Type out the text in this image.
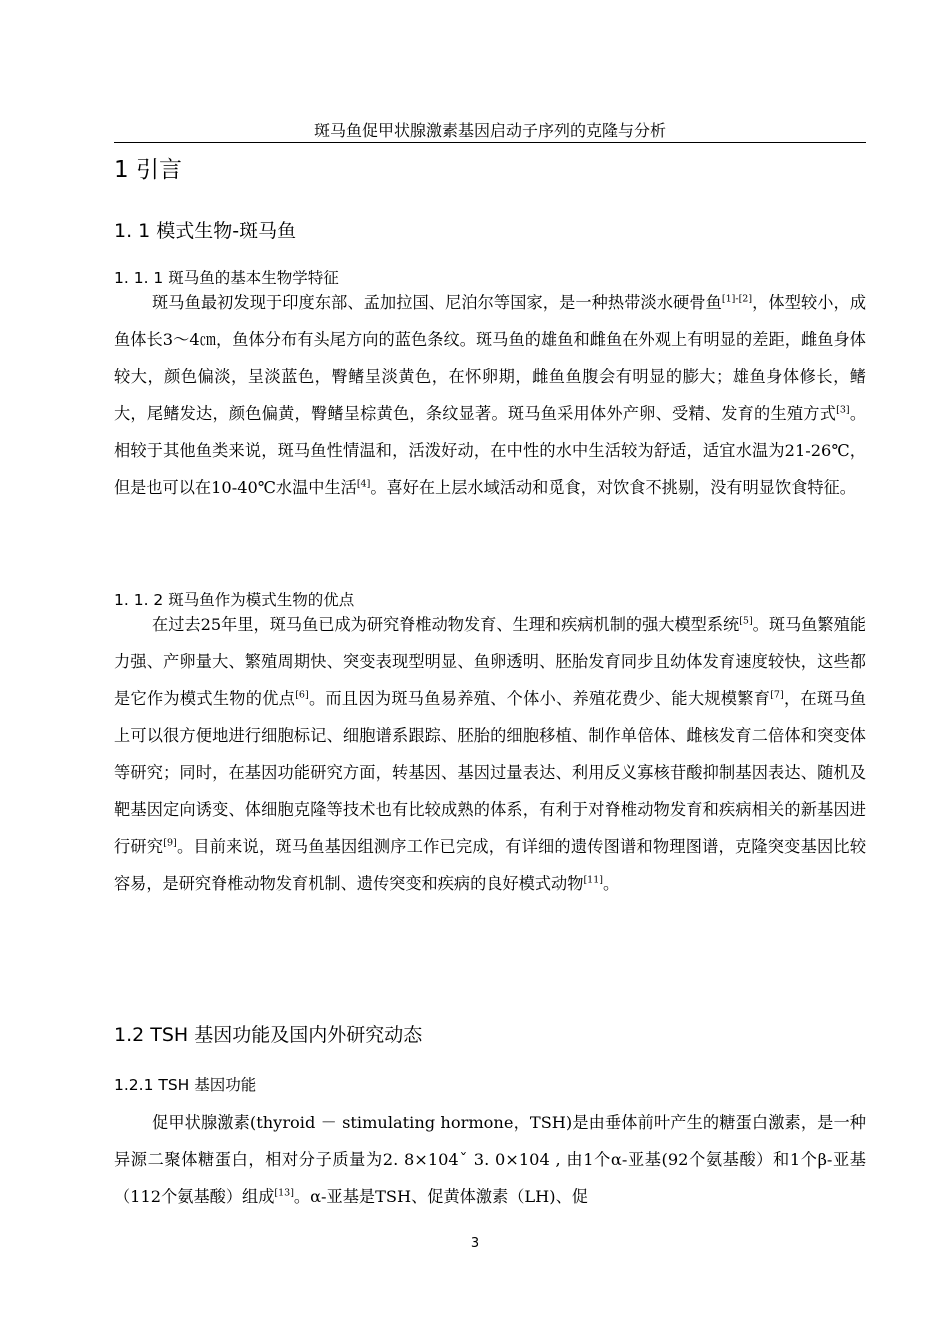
斑马鱼促甲状腺激素基因启动子序列的克隆与分析
1 引言
1. 1 模式生物-斑马鱼
1. 1. 1 斑马鱼的基本生物学特征

斑马鱼最初发现于印度东部、孟加拉国、尼泊尔等国家，是一种热带淡水硬骨鱼[1]-[2]，体型较小，成鱼体长3～4㎝，鱼体分布有头尾方向的蓝色条纹。斑马鱼的雄鱼和雌鱼在外观上有明显的差距，雌鱼身体较大，颜色偏淡，呈淡蓝色，臀鳍呈淡黄色，在怀卵期，雌鱼鱼腹会有明显的膨大；雄鱼身体修长，鳍大，尾鳍发达，颜色偏黄，臀鳍呈棕黄色，条纹显著。斑马鱼采用体外产卵、受精、发育的生殖方式[3]。相较于其他鱼类来说，斑马鱼性情温和，活泼好动，在中性的水中生活较为舒适，适宜水温为21-26℃，但是也可以在10-40℃水温中生活[4]。喜好在上层水域活动和觅食，对饮食不挑剔，没有明显饮食特征。

1. 1. 2 斑马鱼作为模式生物的优点

在过去25年里，斑马鱼已成为研究脊椎动物发育、生理和疾病机制的强大模型系统[5]。斑马鱼繁殖能力强、产卵量大、繁殖周期快、突变表现型明显、鱼卵透明、胚胎发育同步且幼体发育速度较快，这些都是它作为模式生物的优点[6]。而且因为斑马鱼易养殖、个体小、养殖花费少、能大规模繁育[7]，在斑马鱼上可以很方便地进行细胞标记、细胞谱系跟踪、胚胎的细胞移植、制作单倍体、雌核发育二倍体和突变体等研究；同时，在基因功能研究方面，转基因、基因过量表达、利用反义寡核苷酸抑制基因表达、随机及靶基因定向诱变、体细胞克隆等技术也有比较成熟的体系，有利于对脊椎动物发育和疾病相关的新基因进行研究[9]。目前来说，斑马鱼基因组测序工作已完成，有详细的遗传图谱和物理图谱，克隆突变基因比较容易，是研究脊椎动物发育机制、遗传突变和疾病的良好模式动物[11]。

1.2 TSH 基因功能及国内外研究动态
1.2.1 TSH 基因功能

促甲状腺激素(thyroid － stimulating hormone，TSH)是由垂体前叶产生的糖蛋白激素，是一种异源二聚体糖蛋白，相对分子质量为2. 8×104ˇ 3. 0×104 , 由1个α-亚基(92个氨基酸）和1个β-亚基（112个氨基酸）组成[13]。α-亚基是TSH、促黄体激素（LH)、促

3
